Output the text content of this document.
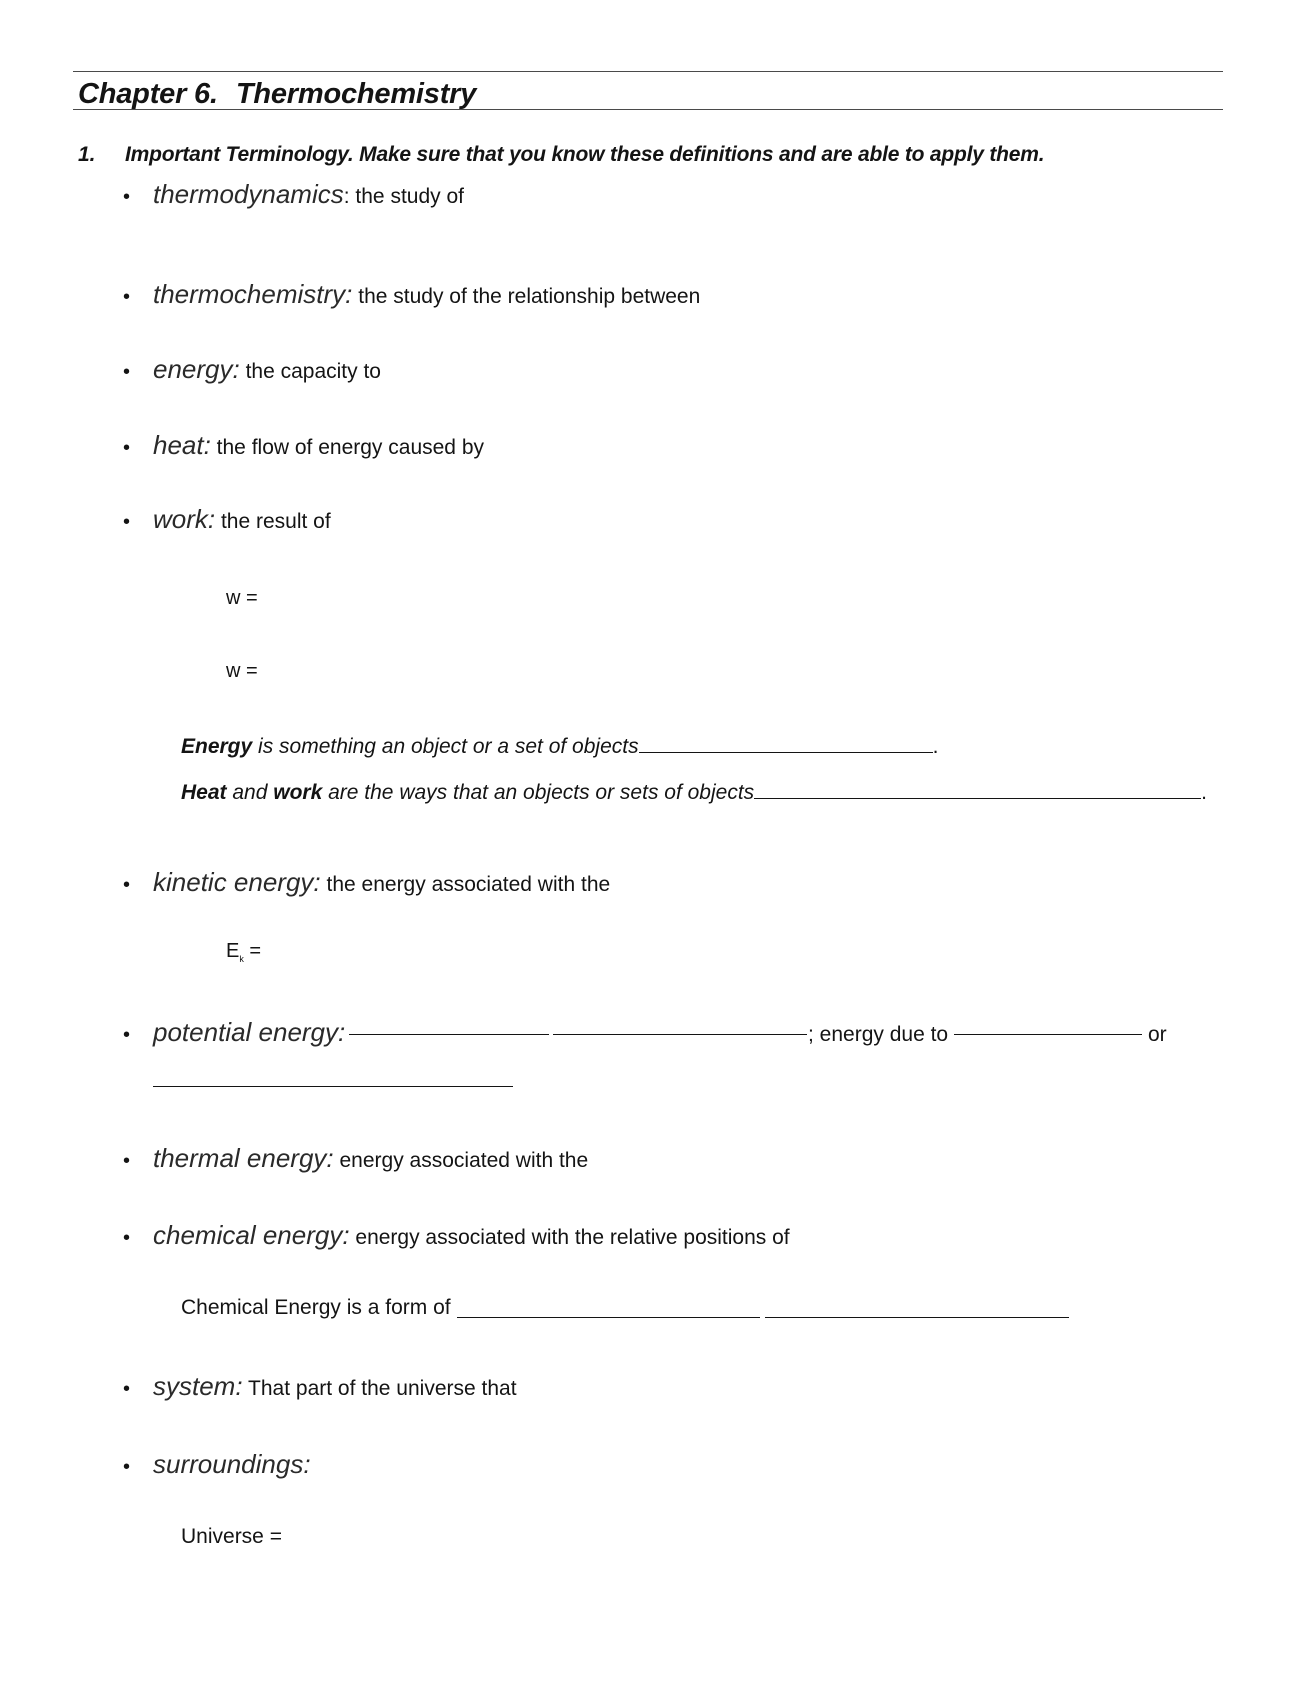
Chapter 6. Thermochemistry
1. Important Terminology. Make sure that you know these definitions and are able to apply them.
• thermodynamics: the study of
• thermochemistry: the study of the relationship between
• energy: the capacity to
• heat: the flow of energy caused by
• work: the result of
w =
w =
Energy is something an object or a set of objects	.
Heat and work are the ways that an objects or sets of objects	.
• kinetic energy: the energy associated with the
$E_k$ =
• potential energy:	; energy due to	or
• thermal energy: energy associated with the
• chemical energy: energy associated with the relative positions of
Chemical Energy is a form of
• system: That part of the universe that
• surroundings:
Universe =
